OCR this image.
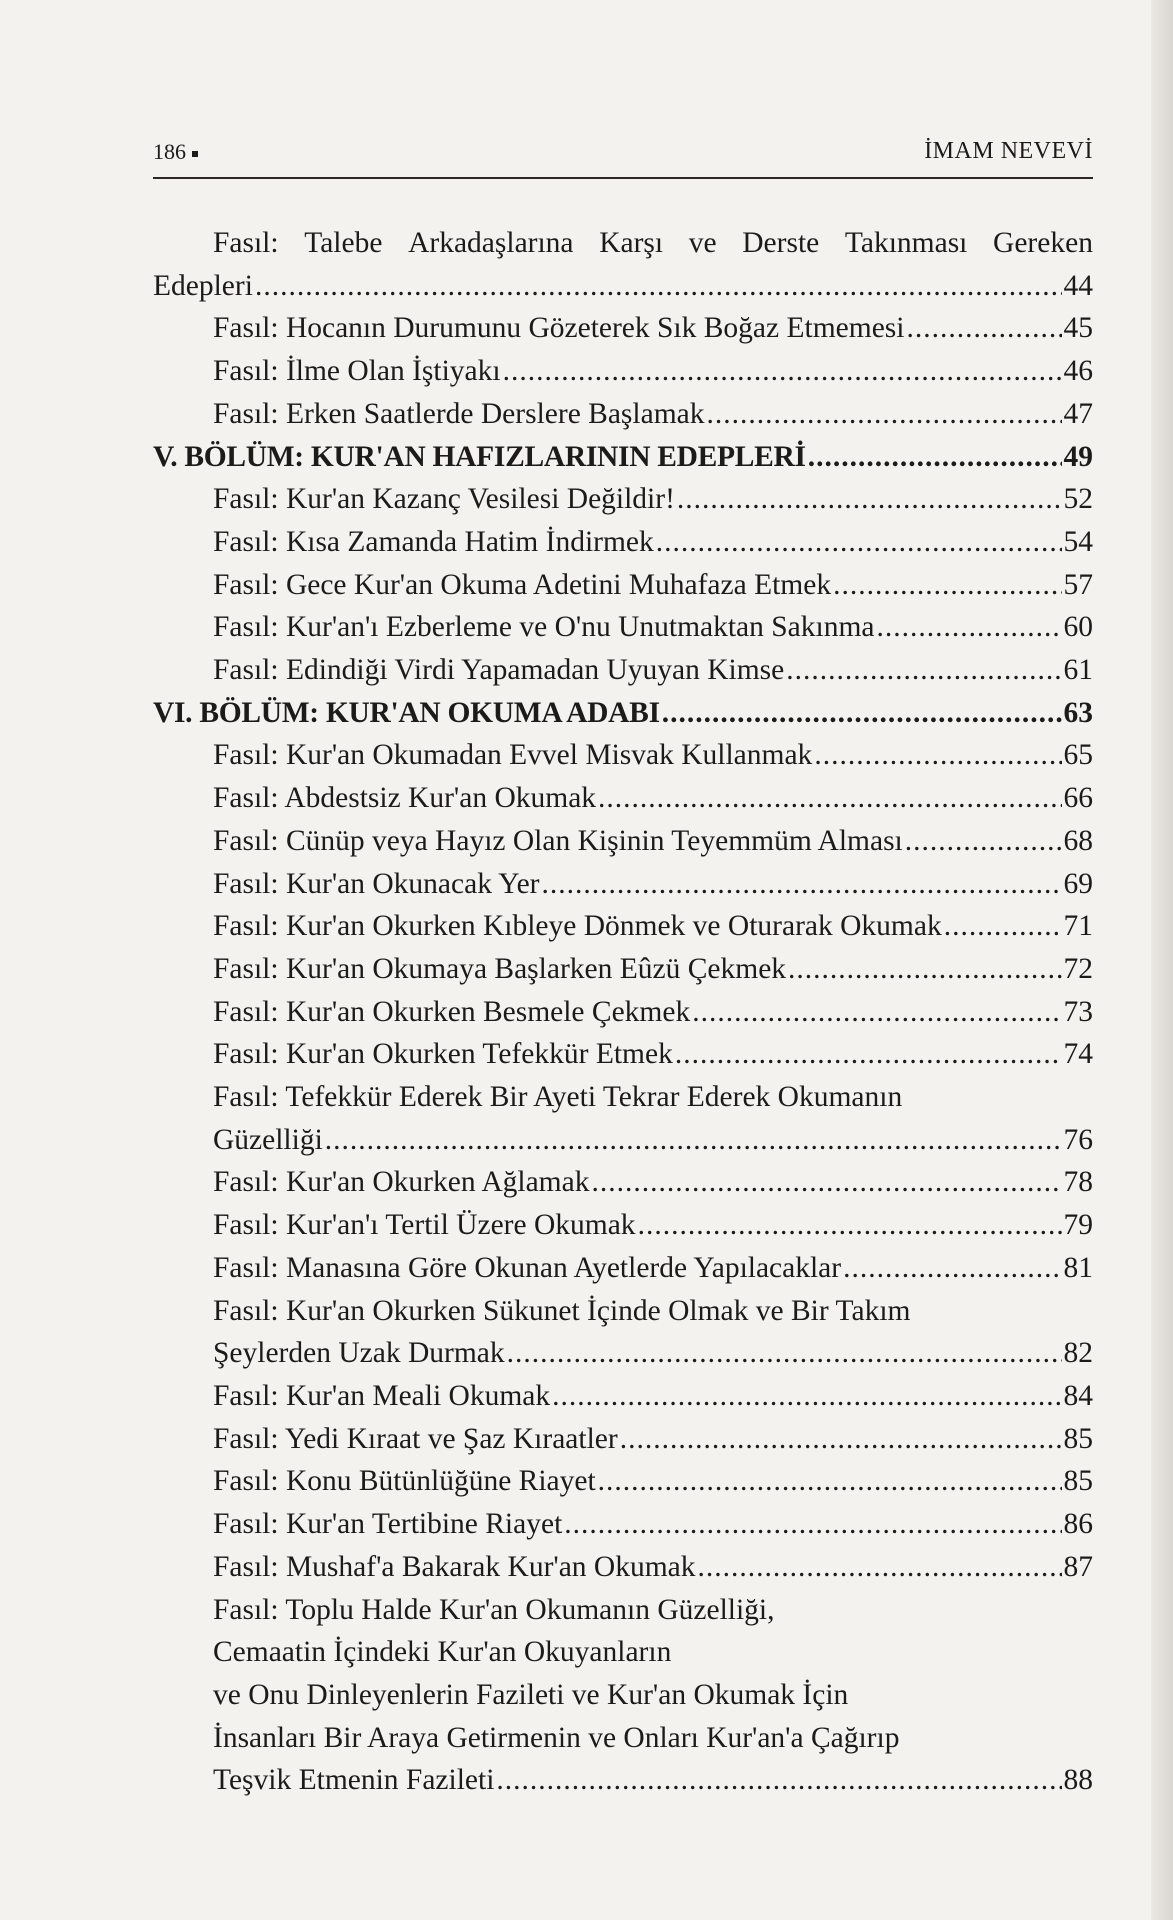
186	İMAM NEVEVİ
Fasıl: Talebe Arkadaşlarına Karşı ve Derste Takınması Gereken
Edepleri .....	44
Fasıl: Hocanın Durumunu Gözeterek Sık Boğaz Etmemesi .....	45
Fasıl: İlme Olan İştiyakı .....	46
Fasıl: Erken Saatlerde Derslere Başlamak .....	47
V. BÖLÜM: KUR'AN HAFIZLARININ EDEPLERİ .....	49
Fasıl: Kur'an Kazanç Vesilesi Değildir! .....	52
Fasıl: Kısa Zamanda Hatim İndirmek .....	54
Fasıl: Gece Kur'an Okuma Adetini Muhafaza Etmek .....	57
Fasıl: Kur'an'ı Ezberleme ve O'nu Unutmaktan Sakınma .....	60
Fasıl: Edindiği Virdi Yapamadan Uyuyan Kimse .....	61
VI. BÖLÜM: KUR'AN OKUMA ADABI .....	63
Fasıl: Kur'an Okumadan Evvel Misvak Kullanmak .....	65
Fasıl: Abdestsiz Kur'an Okumak .....	66
Fasıl: Cünüp veya Hayız Olan Kişinin Teyemmüm Alması .....	68
Fasıl: Kur'an Okunacak Yer .....	69
Fasıl: Kur'an Okurken Kıbleye Dönmek ve Oturarak Okumak .....	71
Fasıl: Kur'an Okumaya Başlarken Eûzü Çekmek .....	72
Fasıl: Kur'an Okurken Besmele Çekmek .....	73
Fasıl: Kur'an Okurken Tefekkür Etmek .....	74
Fasıl: Tefekkür Ederek Bir Ayeti Tekrar Ederek Okumanın
Güzelliği .....	76
Fasıl: Kur'an Okurken Ağlamak .....	78
Fasıl: Kur'an'ı Tertil Üzere Okumak .....	79
Fasıl: Manasına Göre Okunan Ayetlerde Yapılacaklar .....	81
Fasıl: Kur'an Okurken Sükunet İçinde Olmak ve Bir Takım
Şeylerden Uzak Durmak .....	82
Fasıl: Kur'an Meali Okumak .....	84
Fasıl: Yedi Kıraat ve Şaz Kıraatler .....	85
Fasıl: Konu Bütünlüğüne Riayet .....	85
Fasıl: Kur'an Tertibine Riayet .....	86
Fasıl: Mushaf'a Bakarak Kur'an Okumak .....	87
Fasıl: Toplu Halde Kur'an Okumanın Güzelliği,
Cemaatin İçindeki Kur'an Okuyanların
ve Onu Dinleyenlerin Fazileti ve Kur'an Okumak İçin
İnsanları Bir Araya Getirmenin ve Onları Kur'an'a Çağırıp
Teşvik Etmenin Fazileti .....	88
